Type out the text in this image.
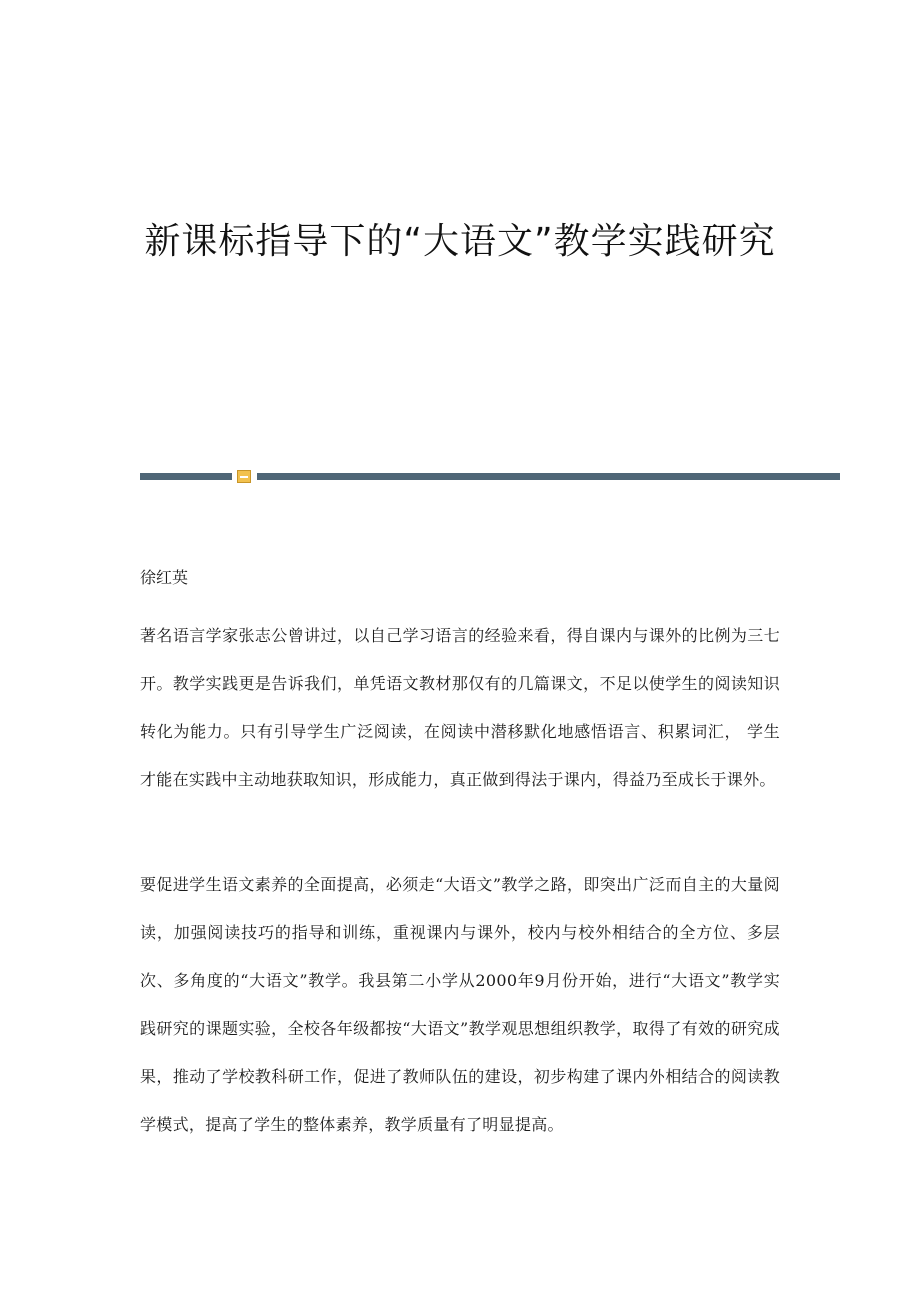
新课标指导下的“大语文”教学实践研究

徐红英

著名语言学家张志公曾讲过，以自己学习语言的经验来看，得自课内与课外的比例为三七开。教学实践更是告诉我们，单凭语文教材那仅有的几篇课文，不足以使学生的阅读知识转化为能力。只有引导学生广泛阅读，在阅读中潜移默化地感悟语言、积累词汇， 学生才能在实践中主动地获取知识，形成能力，真正做到得法于课内，得益乃至成长于课外。

要促进学生语文素养的全面提高，必须走“大语文”教学之路，即突出广泛而自主的大量阅读，加强阅读技巧的指导和训练，重视课内与课外，校内与校外相结合的全方位、多层次、多角度的“大语文”教学。我县第二小学从2000年9月份开始，进行“大语文”教学实践研究的课题实验，全校各年级都按“大语文”教学观思想组织教学，取得了有效的研究成果，推动了学校教科研工作，促进了教师队伍的建设，初步构建了课内外相结合的阅读教学模式，提高了学生的整体素养，教学质量有了明显提高。
